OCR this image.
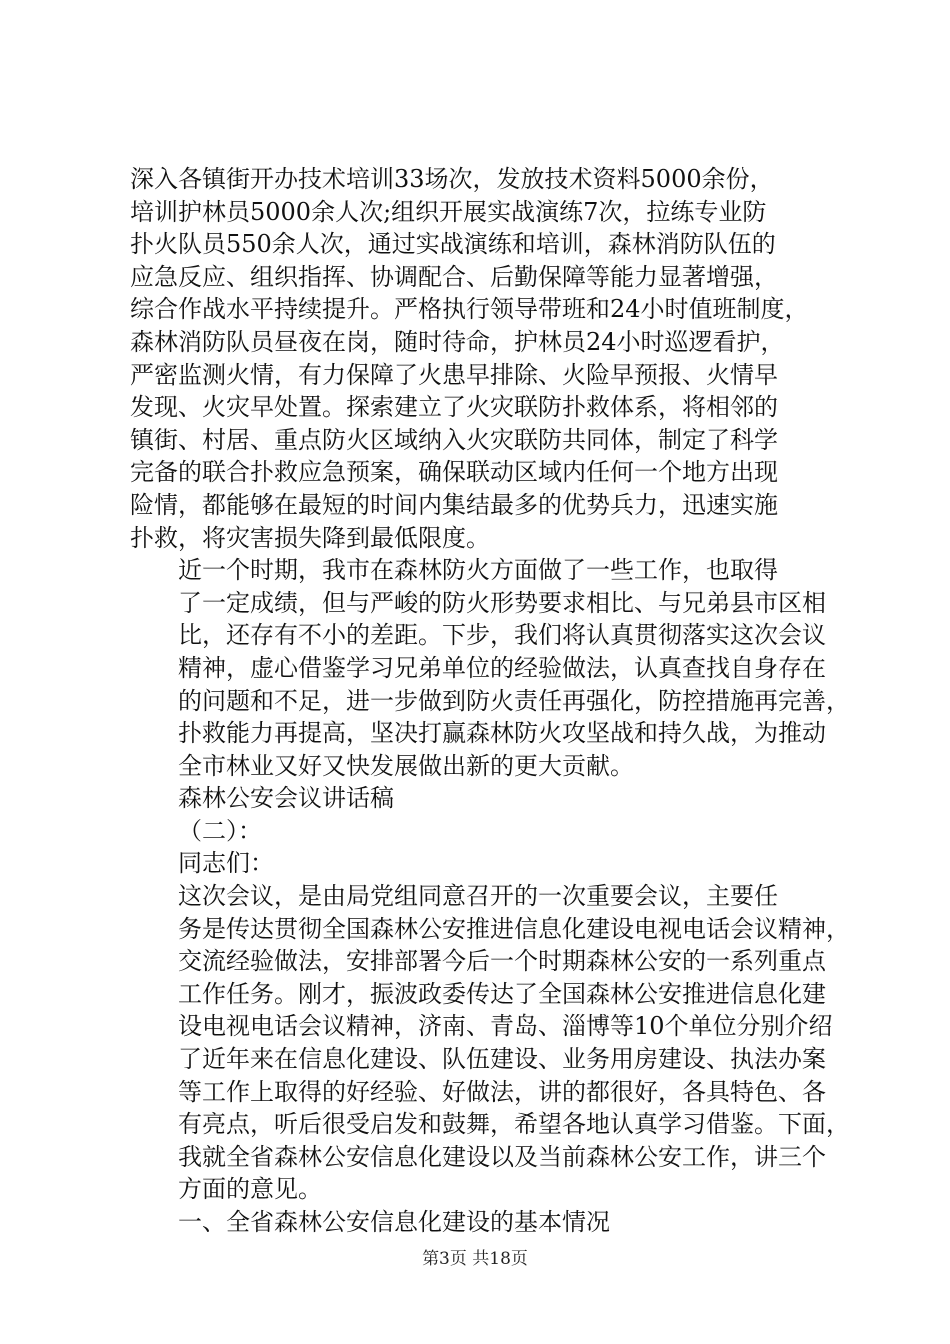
深入各镇街开办技术培训33场次，发放技术资料5000余份，
培训护林员5000余人次;组织开展实战演练7次，拉练专业防
扑火队员550余人次，通过实战演练和培训，森林消防队伍的
应急反应、组织指挥、协调配合、后勤保障等能力显著增强，
综合作战水平持续提升。严格执行领导带班和24小时值班制度，
森林消防队员昼夜在岗，随时待命，护林员24小时巡逻看护，
严密监测火情，有力保障了火患早排除、火险早预报、火情早
发现、火灾早处置。探索建立了火灾联防扑救体系，将相邻的
镇街、村居、重点防火区域纳入火灾联防共同体，制定了科学
完备的联合扑救应急预案，确保联动区域内任何一个地方出现
险情，都能够在最短的时间内集结最多的优势兵力，迅速实施
扑救，将灾害损失降到最低限度。

近一个时期，我市在森林防火方面做了一些工作，也取得
了一定成绩，但与严峻的防火形势要求相比、与兄弟县市区相
比，还存有不小的差距。下步，我们将认真贯彻落实这次会议
精神，虚心借鉴学习兄弟单位的经验做法，认真查找自身存在
的问题和不足，进一步做到防火责任再强化，防控措施再完善，
扑救能力再提高，坚决打赢森林防火攻坚战和持久战，为推动
全市林业又好又快发展做出新的更大贡献。

森林公安会议讲话稿

（二）：

同志们：

这次会议，是由局党组同意召开的一次重要会议，主要任
务是传达贯彻全国森林公安推进信息化建设电视电话会议精神，
交流经验做法，安排部署今后一个时期森林公安的一系列重点
工作任务。刚才，振波政委传达了全国森林公安推进信息化建
设电视电话会议精神，济南、青岛、淄博等10个单位分别介绍
了近年来在信息化建设、队伍建设、业务用房建设、执法办案
等工作上取得的好经验、好做法，讲的都很好，各具特色、各
有亮点，听后很受启发和鼓舞，希望各地认真学习借鉴。下面，
我就全省森林公安信息化建设以及当前森林公安工作，讲三个
方面的意见。

一、全省森林公安信息化建设的基本情况

第3页 共18页
